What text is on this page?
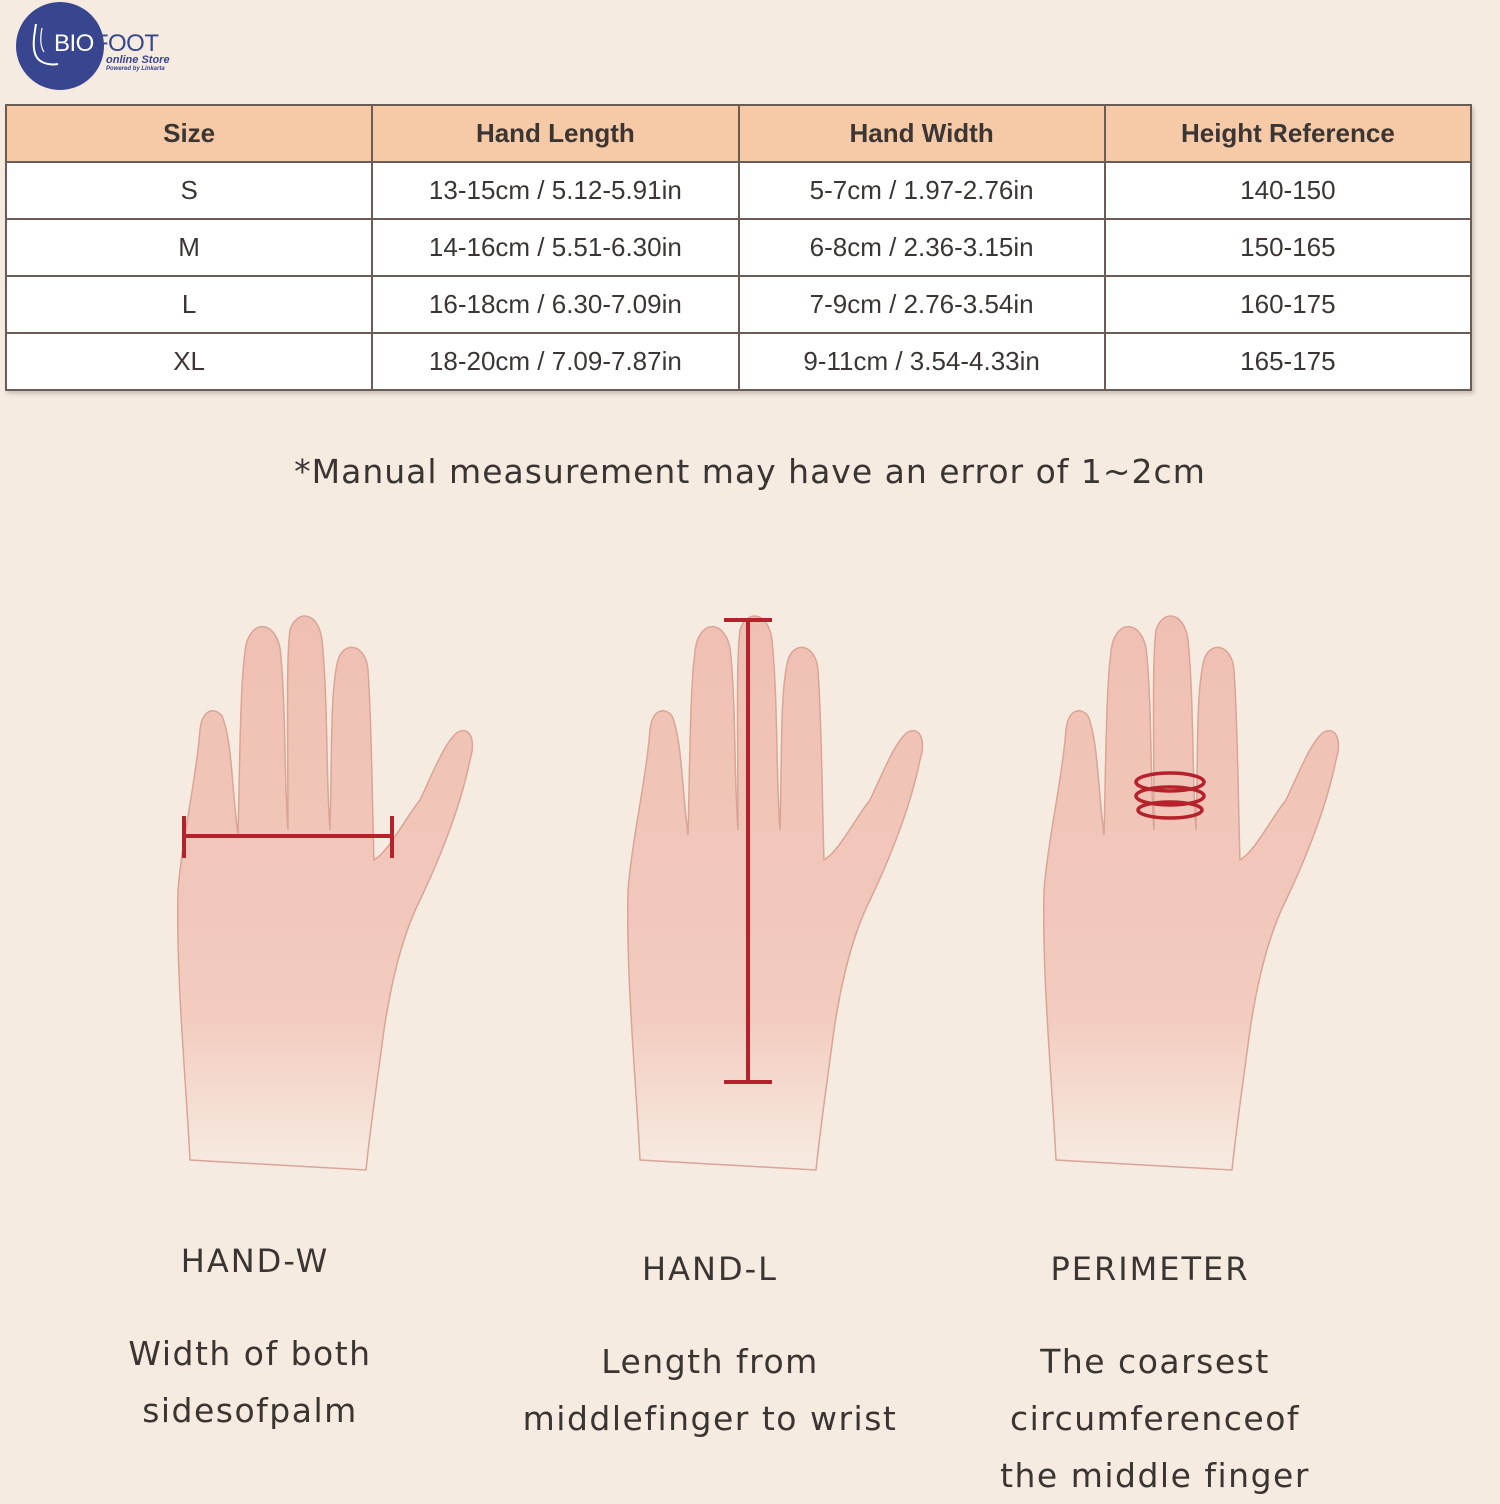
BIOFOOT
online Store
Powered by Linkarta
Size	Hand Length	Hand Width	Height Reference
S	13-15cm / 5.12-5.91in	5-7cm / 1.97-2.76in	140-150
M	14-16cm / 5.51-6.30in	6-8cm / 2.36-3.15in	150-165
L	16-18cm / 6.30-7.09in	7-9cm / 2.76-3.54in	160-175
XL	18-20cm / 7.09-7.87in	9-11cm / 3.54-4.33in	165-175
*Manual measurement may have an error of 1~2cm
HAND-W
Width of both
sidesofpalm
HAND-L
Length from
middlefinger to wrist
PERIMETER
The coarsest
circumferenceof
the middle finger
